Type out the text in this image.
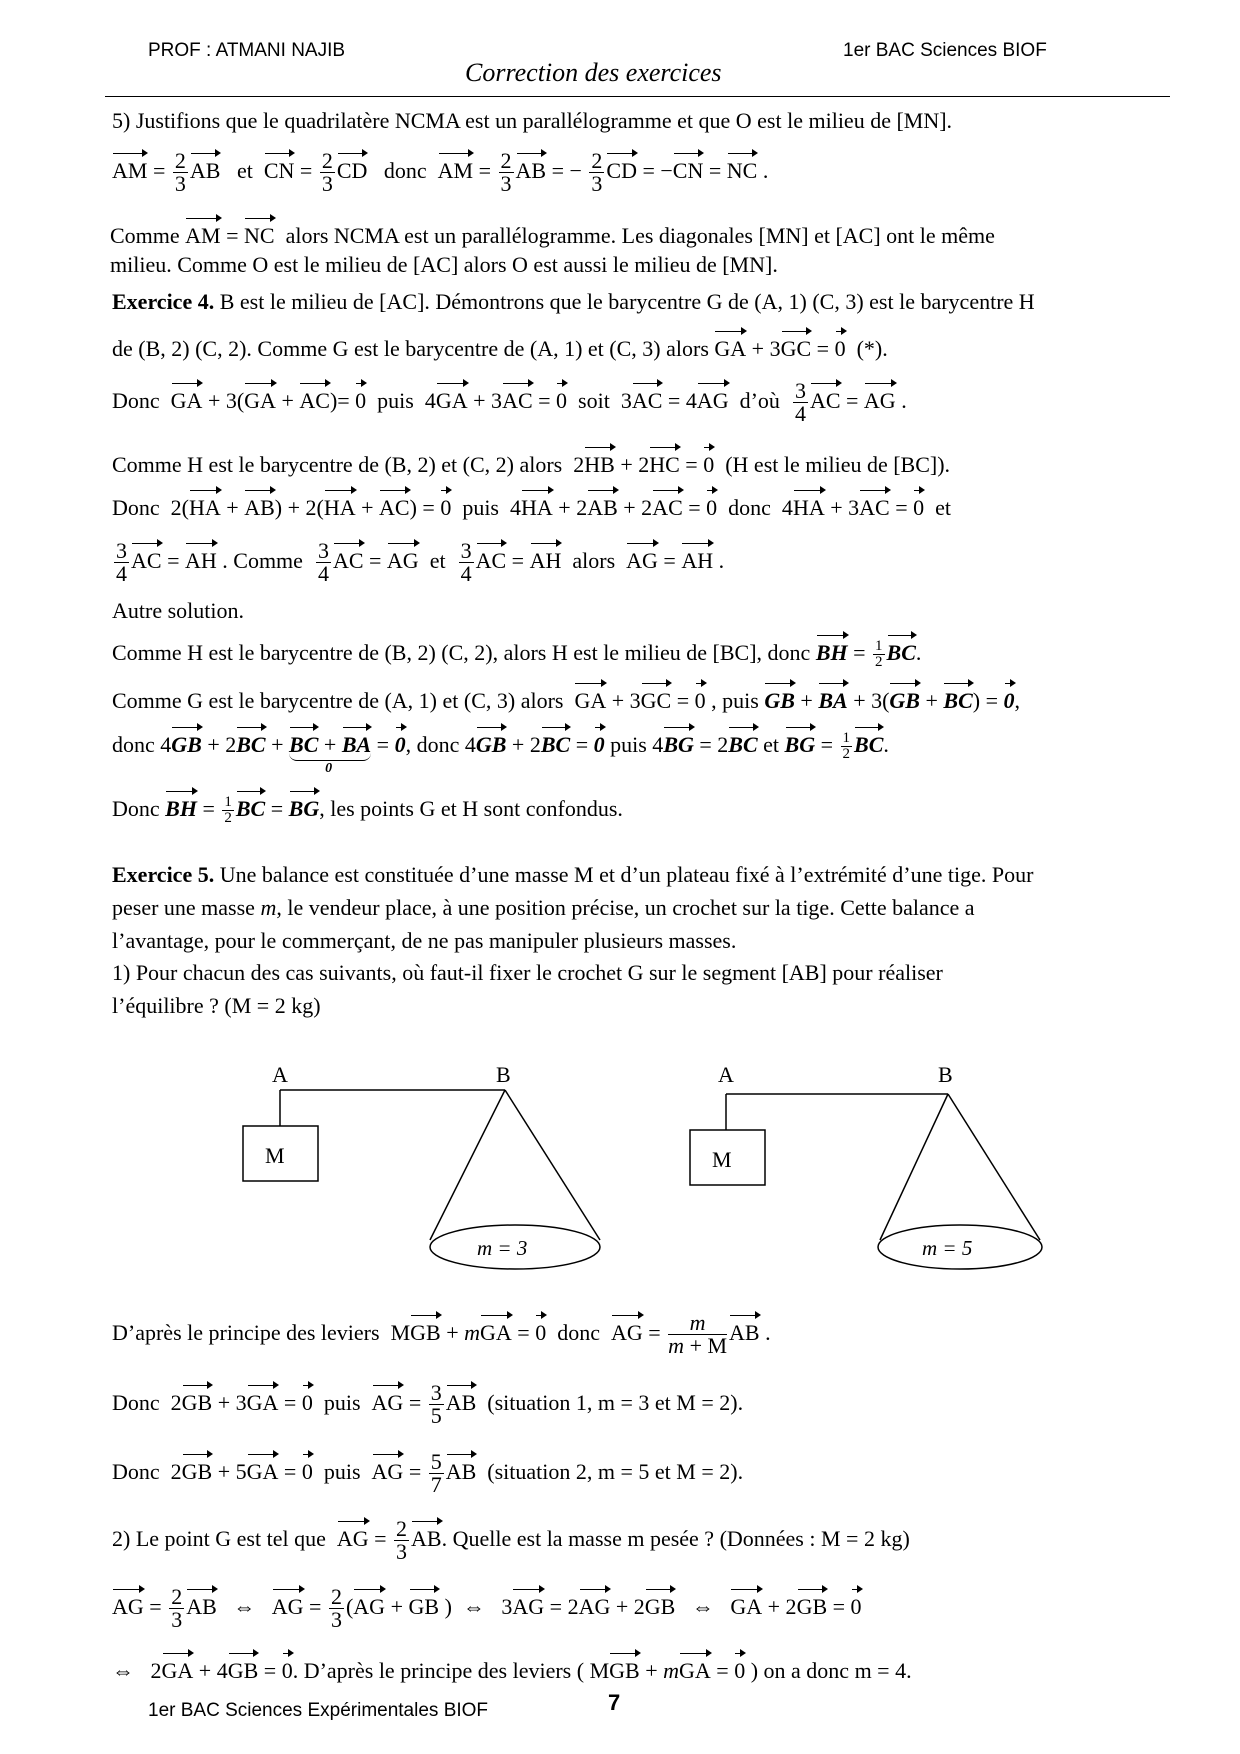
PROF : ATMANI NAJIB	1er BAC Sciences BIOF
Correction des exercices
5) Justifions que le quadrilatère NCMA est un parallélogramme et que O est le milieu de [MN].
AM = $\frac{2}{3}$ AB   et  CN = $\frac{2}{3}$ CD   donc  AM = $\frac{2}{3}$ AB = − $\frac{2}{3}$ CD = −CN = NC .
Comme AM = NC alors NCMA est un parallélogramme. Les diagonales [MN] et [AC] ont le même
milieu. Comme O est le milieu de [AC] alors O est aussi le milieu de [MN].
Exercice 4. B est le milieu de [AC]. Démontrons que le barycentre G de (A, 1) (C, 3) est le barycentre H
de (B, 2) (C, 2). Comme G est le barycentre de (A, 1) et (C, 3) alors GA + 3GC = 0  (*).
Donc  GA + 3(GA + AC)= 0  puis  4GA + 3AC = 0  soit  3AC = 4AG  d’où $\frac{3}{4}$ AC = AG .
Comme H est le barycentre de (B, 2) et (C, 2) alors  2HB + 2HC = 0 (H est le milieu de [BC]).
Donc  2(HA + AB) + 2(HA + AC) = 0  puis  4HA + 2AB + 2AC = 0  donc  4HA + 3AC = 0  et
$\frac{3}{4}$ AC = AH . Comme $\frac{3}{4}$ AC = AG  et $\frac{3}{4}$ AC = AH  alors  AG = AH .
Autre solution.
Comme H est le barycentre de (B, 2) (C, 2), alors H est le milieu de [BC], donc BH = $\frac{1}{2}$ BC.
Comme G est le barycentre de (A, 1) et (C, 3) alors GA + 3GC = 0 , puis GB + BA + 3(GB + BC) = 0,
donc 4GB + 2BC + BC + BA
0
= 0, donc 4GB + 2BC = 0 puis 4BG = 2BC et BG = $\frac{1}{2}$ BC.
Donc BH = $\frac{1}{2}$ BC = BG, les points G et H sont confondus.
Exercice 5. Une balance est constituée d’une masse M et d’un plateau fixé à l’extrémité d’une tige. Pour
peser une masse m, le vendeur place, à une position précise, un crochet sur la tige. Cette balance a
l’avantage, pour le commerçant, de ne pas manipuler plusieurs masses.
1) Pour chacun des cas suivants, où faut-il fixer le crochet G sur le segment [AB] pour réaliser
l’équilibre ? (M = 2 kg)
A	B
M
m = 3
A	B
M
m = 5
D’après le principe des leviers  MGB + mGA = 0  donc  AG = $\frac{m}{m + M}$ AB .
Donc  2GB + 3GA = 0  puis  AG = $\frac{3}{5}$ AB (situation 1, m = 3 et M = 2).
Donc  2GB + 5GA = 0  puis  AG = $\frac{5}{7}$ AB (situation 2, m = 5 et M = 2).
2) Le point G est tel que AG = $\frac{2}{3}$ AB. Quelle est la masse m pesée ? (Données : M = 2 kg)
AG = $\frac{2}{3}$ AB   ⇔   AG = $\frac{2}{3} (AG$ + GB )  ⇔   3AG = 2AG + 2GB   ⇔   GA + 2GB = 0
⇔   2GA + 4GB = 0. D’après le principe des leviers ( MGB + mGA = 0 ) on a donc m = 4.
1er BAC Sciences Expérimentales BIOF	7
